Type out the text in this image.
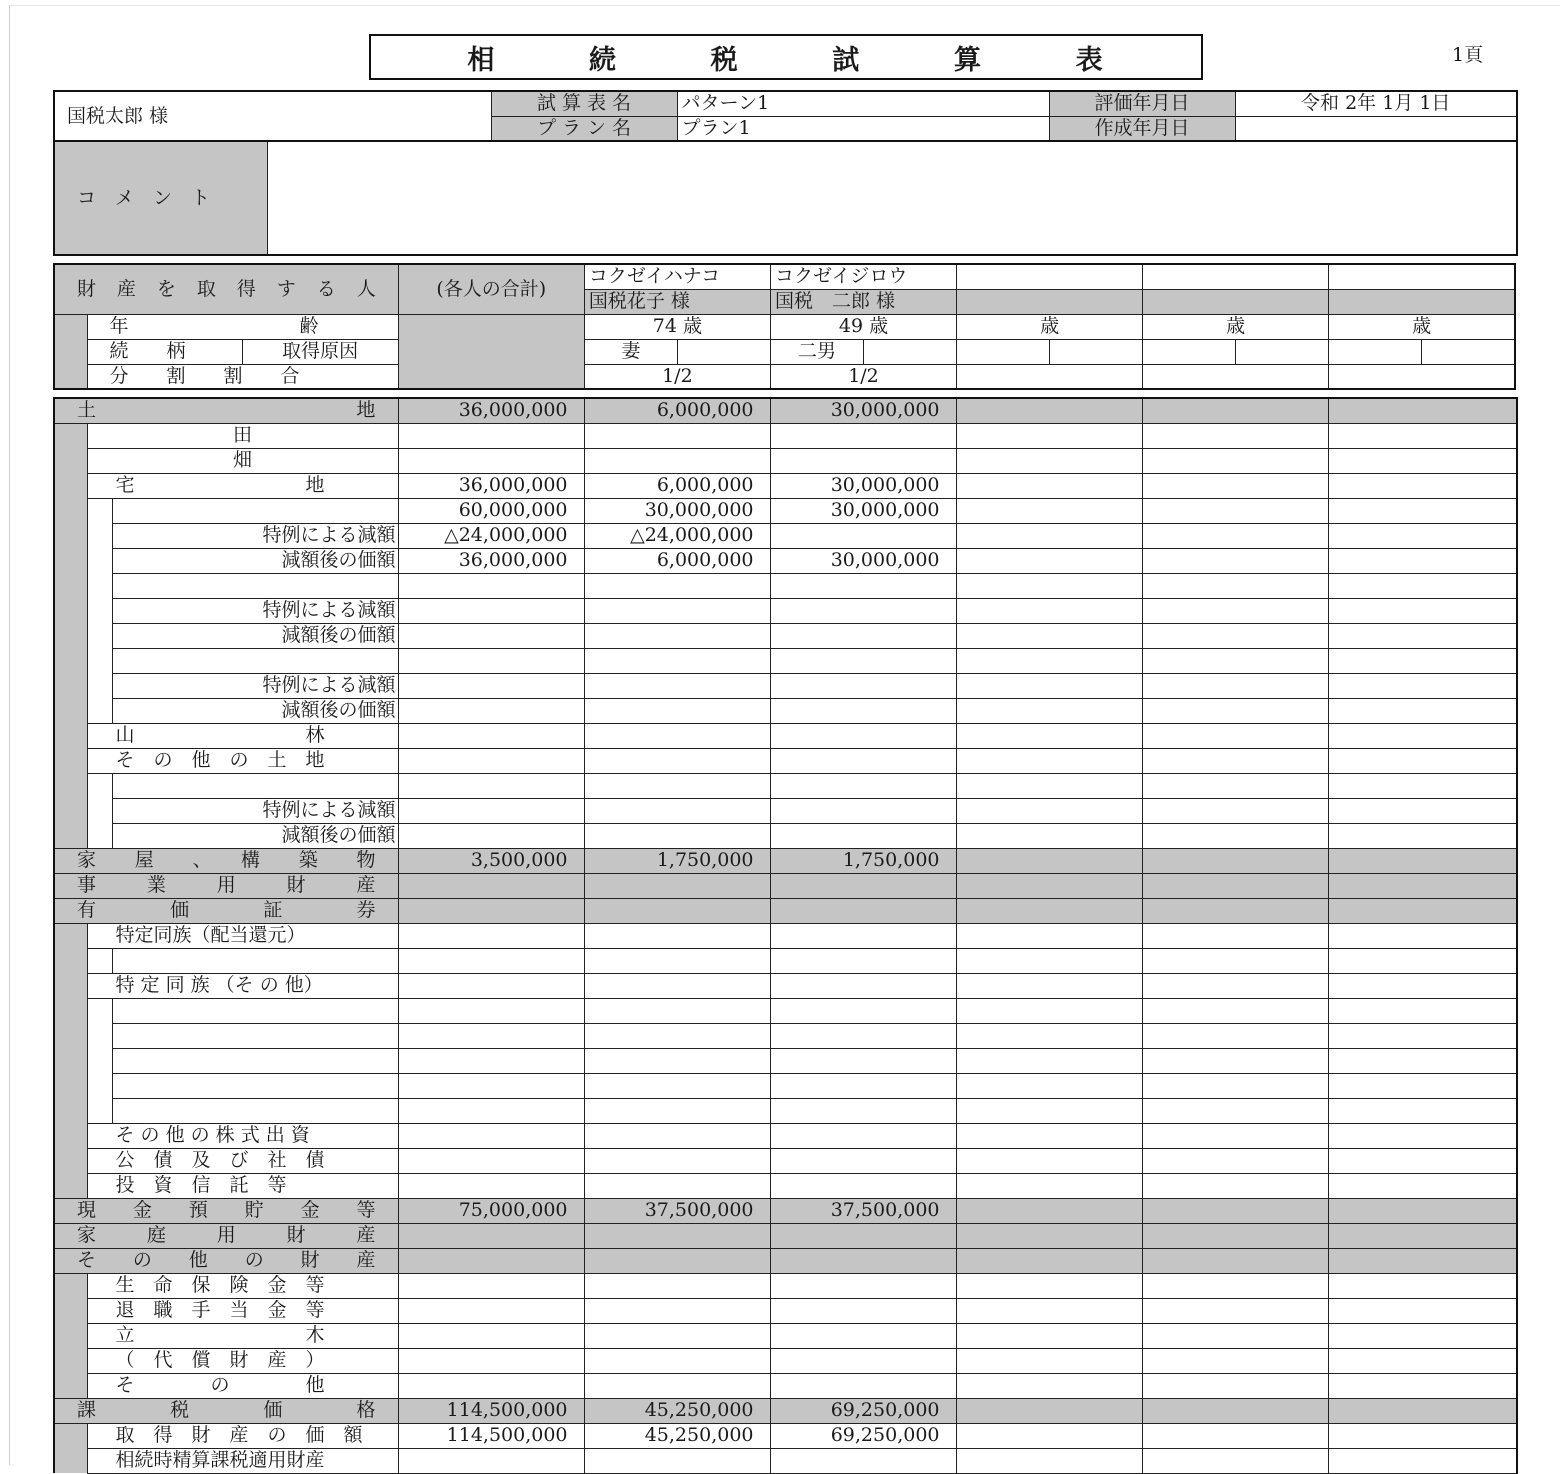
相	続	税	試	算	表	1頁
国税太郎 様	試 算 表 名	パターン1	評価年月日	令和 2年 1月 1日
	プ ラ ン 名	プラン1	作成年月日	
コ　メ　ン　ト	
財 産 を 取 得 す る 人			(各人の合計)	コクゼイハナコ		コクゼイジロウ							
				国税花子 様		国税　二郎 様							
	年　　　　　　　　　齢			74 歳		49 歳		歳		歳		歳	
	続　　柄	取得原因		妻		二男							
	分　　割　　割　　合			1/2		1/2							
土　　　　　　　　　　　地			36,000,000	6,000,000	30,000,000			
	田							
	畑							
	宅　　　　　　　　　地		36,000,000	6,000,000	30,000,000			
			60,000,000	30,000,000	30,000,000			
		特例による減額	△24,000,000	△24,000,000				
		減額後の価額	36,000,000	6,000,000	30,000,000			

		特例による減額						
		減額後の価額						

		特例による減額						
		減額後の価額						
	山　　　　　　　　　林							
	そ　の　他　の　土　地							

		特例による減額						
		減額後の価額						
家　屋　、　構　築　物			3,500,000	1,750,000	1,750,000			
事　　業　　用　　財　　産								
有　　　価　　　証　　　券								
	特定同族（配当還元）							

	特 定 同 族 （そ の 他）							

	そ の 他 の 株 式 出 資							
	公　債　及　び　社　債							
	投　資　信　託　等							
現　金　預　貯　金　等			75,000,000	37,500,000	37,500,000			
家　　庭　　用　　財　　産								
そ　の　他　の　財　産								
	生　命　保　険　金　等							
	退　職　手　当　金　等							
	立　　　　　　　　　木							
	（　代　償　財　産　）							
	そ　　　　の　　　　他							
課　　　税　　　価　　　格			114,500,000	45,250,000	69,250,000			
	取　得　財　産　の　価　額		114,500,000	45,250,000	69,250,000			
	相続時精算課税適用財産							
